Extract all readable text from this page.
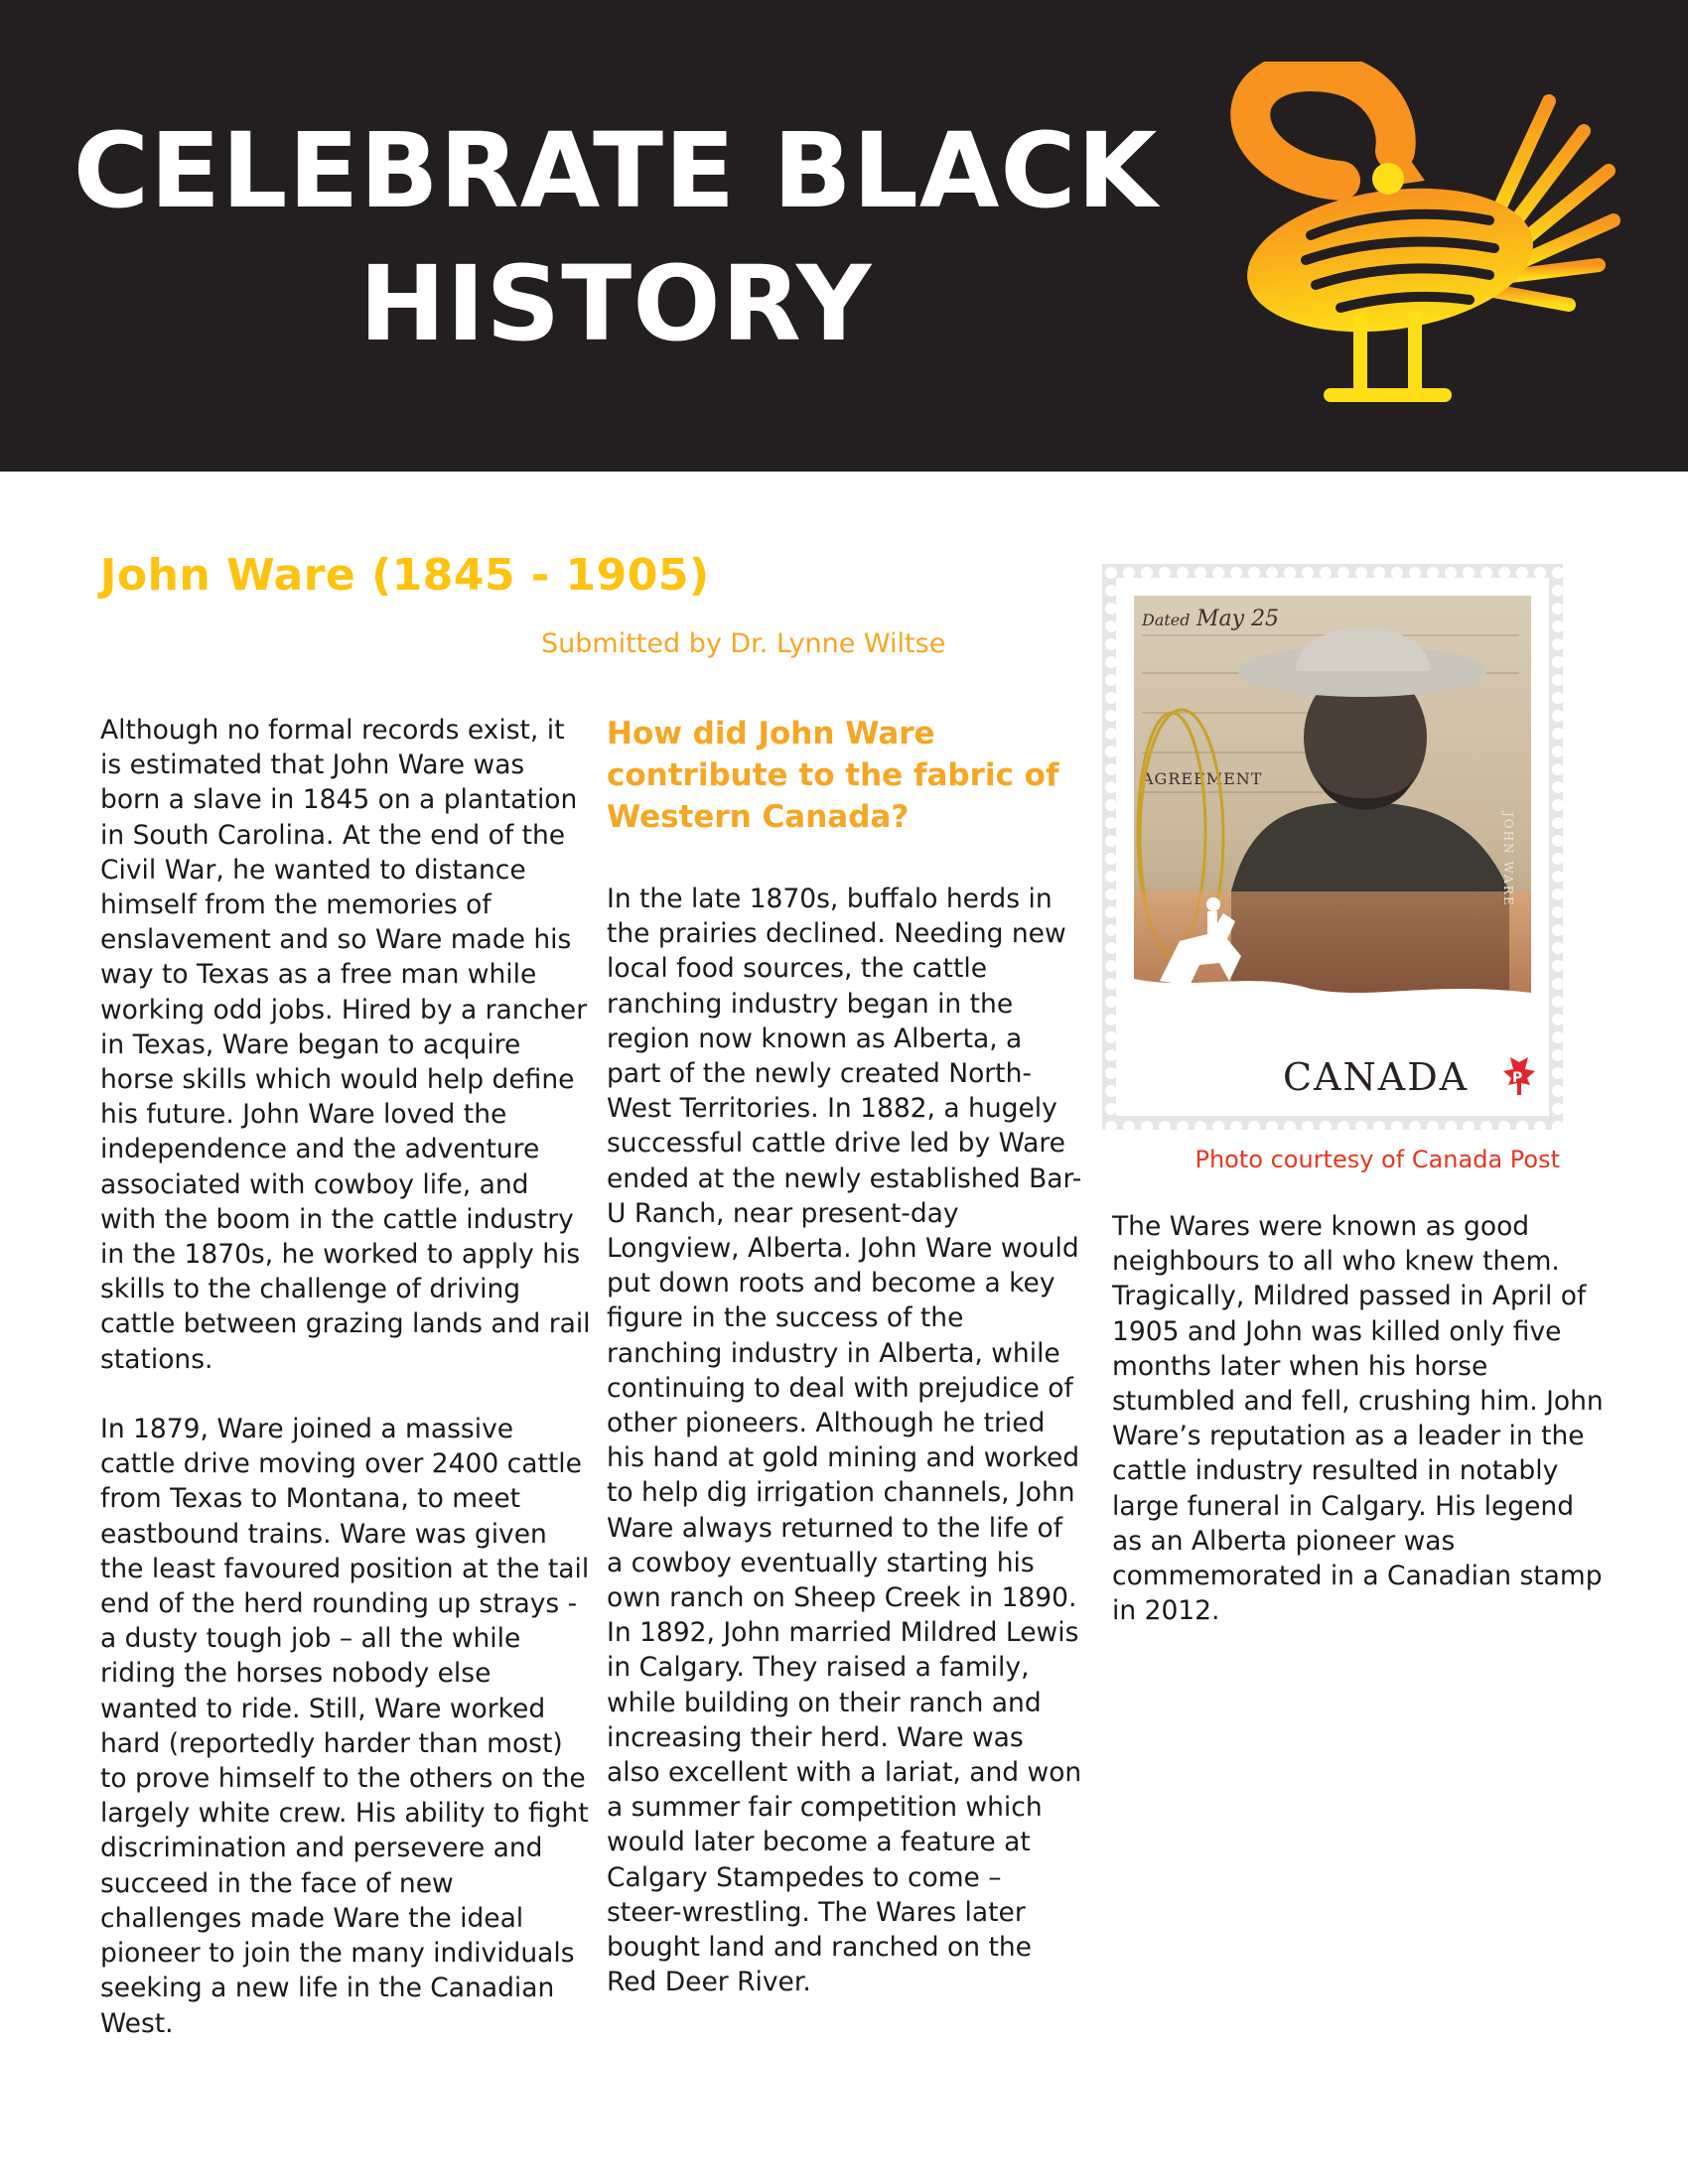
CELEBRATE BLACK
HISTORY
John Ware (1845 - 1905)

Submitted by Dr. Lynne Wiltse

Although no formal records exist, it is estimated that John Ware was born a slave in 1845 on a plantation in South Carolina. At the end of the Civil War, he wanted to distance himself from the memories of enslavement and so Ware made his way to Texas as a free man while working odd jobs. Hired by a rancher in Texas, Ware began to acquire horse skills which would help define his future. John Ware loved the independence and the adventure associated with cowboy life, and with the boom in the cattle industry in the 1870s, he worked to apply his skills to the challenge of driving cattle between grazing lands and rail stations.

In 1879, Ware joined a massive cattle drive moving over 2400 cattle from Texas to Montana, to meet eastbound trains. Ware was given the least favoured position at the tail end of the herd rounding up strays - a dusty tough job – all the while riding the horses nobody else wanted to ride. Still, Ware worked hard (reportedly harder than most) to prove himself to the others on the largely white crew. His ability to fight discrimination and persevere and succeed in the face of new challenges made Ware the ideal pioneer to join the many individuals seeking a new life in the Canadian West.

How did John Ware contribute to the fabric of Western Canada?

In the late 1870s, buffalo herds in the prairies declined. Needing new local food sources, the cattle ranching industry began in the region now known as Alberta, a part of the newly created North-West Territories. In 1882, a hugely successful cattle drive led by Ware ended at the newly established Bar-U Ranch, near present-day Longview, Alberta. John Ware would put down roots and become a key figure in the success of the ranching industry in Alberta, while continuing to deal with prejudice of other pioneers. Although he tried his hand at gold mining and worked to help dig irrigation channels, John Ware always returned to the life of a cowboy eventually starting his own ranch on Sheep Creek in 1890. In 1892, John married Mildred Lewis in Calgary. They raised a family, while building on their ranch and increasing their herd. Ware was also excellent with a lariat, and won a summer fair competition which would later become a feature at Calgary Stampedes to come – steer-wrestling. The Wares later bought land and ranched on the Red Deer River.

Dated May 25
AGREEMENT
JOHN WARE
CANADA	P

Photo courtesy of Canada Post

The Wares were known as good neighbours to all who knew them. Tragically, Mildred passed in April of 1905 and John was killed only five months later when his horse stumbled and fell, crushing him. John Ware’s reputation as a leader in the cattle industry resulted in notably large funeral in Calgary. His legend as an Alberta pioneer was commemorated in a Canadian stamp in 2012.
